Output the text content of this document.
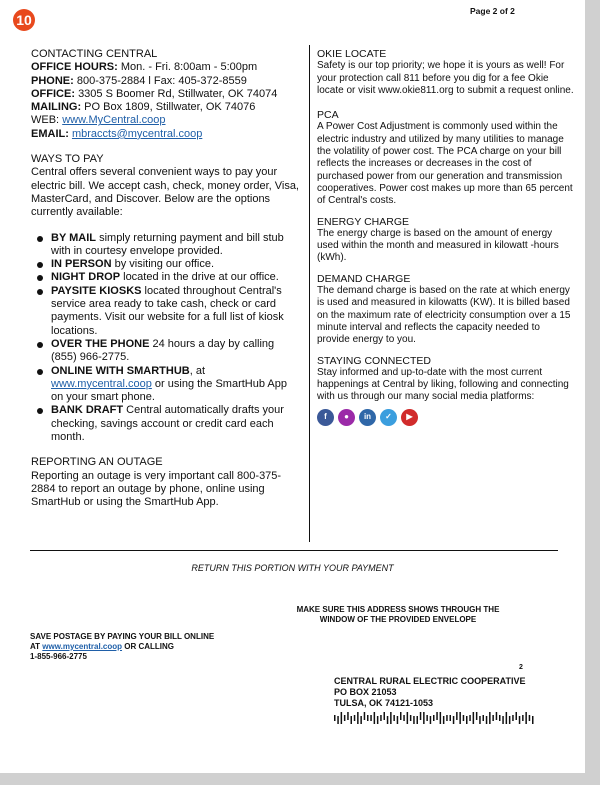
10
Page 2 of 2

CONTACTING CENTRAL

OFFICE HOURS: Mon. - Fri. 8:00am - 5:00pm

PHONE: 800-375-2884 l Fax: 405-372-8559

OFFICE: 3305 S Boomer Rd, Stillwater, OK 74074

MAILING: PO Box 1809, Stillwater, OK 74076

WEB: www.MyCentral.coop

EMAIL: mbraccts@mycentral.coop

WAYS TO PAY

Central offers several convenient ways to pay your electric bill. We accept cash, check, money order, Visa, MasterCard, and Discover. Below are the options currently available:

BY MAIL simply returning payment and bill stub with in courtesy envelope provided.
IN PERSON by visiting our office.
NIGHT DROP located in the drive at our office.
PAYSITE KIOSKS located throughout Central's service area ready to take cash, check or card payments. Visit our website for a full list of kiosk locations.
OVER THE PHONE 24 hours a day by calling (855) 966-2775.
ONLINE WITH SMARTHUB, at
www.mycentral.coop or using the SmartHub App on your smart phone.
BANK DRAFT Central automatically drafts your checking, savings account or credit card each month.

REPORTING AN OUTAGE

Reporting an outage is very important call 800-375-2884 to report an outage by phone, online using SmartHub or using the SmartHub App.

OKIE LOCATE

Safety is our top priority; we hope it is yours as well! For your protection call 811 before you dig for a fee Okie locate or visit www.okie811.org to submit a request online.

PCA

A Power Cost Adjustment is commonly used within the electric industry and utilized by many utilities to manage the volatility of power cost. The PCA charge on your bill reflects the increases or decreases in the cost of purchased power from our generation and transmission cooperatives. Power cost makes up more than 65 percent of Central's costs.

ENERGY CHARGE

The energy charge is based on the amount of energy used within the month and measured in kilowatt -hours (kWh).

DEMAND CHARGE

The demand charge is based on the rate at which energy is used and measured in kilowatts (KW). It is billed based on the maximum rate of electricity consumption over a 15 minute interval and reflects the capacity needed to provide energy to you.

STAYING CONNECTED

Stay informed and up-to-date with the most current happenings at Central by liking, following and connecting with us through our many social media platforms:

f	●	in	✓	▶
RETURN THIS PORTION WITH YOUR PAYMENT
MAKE SURE THIS ADDRESS SHOWS THROUGH THE WINDOW OF THE PROVIDED ENVELOPE
SAVE POSTAGE BY PAYING YOUR BILL ONLINE
AT www.mycentral.coop OR CALLING
1-855-966-2775
2
CENTRAL RURAL ELECTRIC COOPERATIVE
PO BOX 21053
TULSA, OK 74121-1053
